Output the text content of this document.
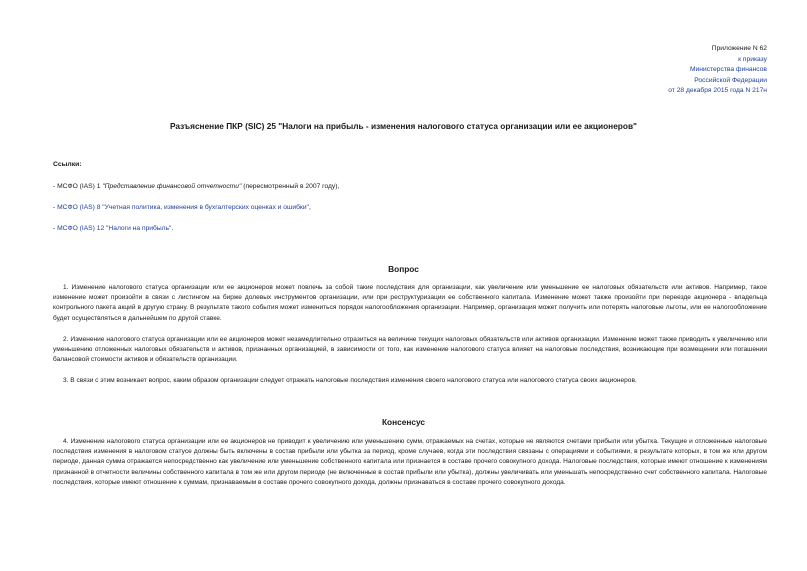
Приложение N 62
к приказу
Министерства финансов
Российской Федерации
от 28 декабря 2015 года N 217н
Разъяснение ПКР (SIC) 25 "Налоги на прибыль - изменения налогового статуса организации или ее акционеров"
Ссылки:
- МСФО (IAS) 1 "Представление финансовой отчетности" (пересмотренный в 2007 году),
- МСФО (IAS) 8 "Учетная политика, изменения в бухгалтерских оценках и ошибки",
- МСФО (IAS) 12 "Налоги на прибыль".
Вопрос
1. Изменение налогового статуса организации или ее акционеров может повлечь за собой такие последствия для организации, как увеличение или уменьшение ее налоговых обязательств или активов. Например, такое изменение может произойти в связи с листингом на бирже долевых инструментов организации, или при реструктуризации ее собственного капитала. Изменение может также произойти при переезде акционера - владельца контрольного пакета акций в другую страну. В результате такого события может измениться порядок налогообложения организации. Например, организация может получить или потерять налоговые льготы, или ее налогообложение будет осуществляться в дальнейшем по другой ставке.
2. Изменение налогового статуса организации или ее акционеров может незамедлительно отразиться на величине текущих налоговых обязательств или активов организации. Изменение может также приводить к увеличению или уменьшению отложенных налоговых обязательств и активов, признанных организацией, в зависимости от того, как изменение налогового статуса влияет на налоговые последствия, возникающие при возмещении или погашении балансовой стоимости активов и обязательств организации.
3. В связи с этим возникает вопрос, каким образом организации следует отражать налоговые последствия изменения своего налогового статуса или налогового статуса своих акционеров.
Консенсус
4. Изменение налогового статуса организации или ее акционеров не приводит к увеличению или уменьшению сумм, отражаемых на счетах, которые не являются счетами прибыли или убытка. Текущие и отложенные налоговые последствия изменения в налоговом статусе должны быть включены в состав прибыли или убытка за период, кроме случаев, когда эти последствия связаны с операциями и событиями, в результате которых, в том же или другом периоде, данная сумма отражается непосредственно как увеличение или уменьшение собственного капитала или признается в составе прочего совокупного дохода. Налоговые последствия, которые имеют отношение к изменениям признанной в отчетности величины собственного капитала в том же или другом периоде (не включенные в состав прибыли или убытка), должны увеличивать или уменьшать непосредственно счет собственного капитала. Налоговые последствия, которые имеют отношение к суммам, признаваемым в составе прочего совокупного дохода, должны признаваться в составе прочего совокупного дохода.
